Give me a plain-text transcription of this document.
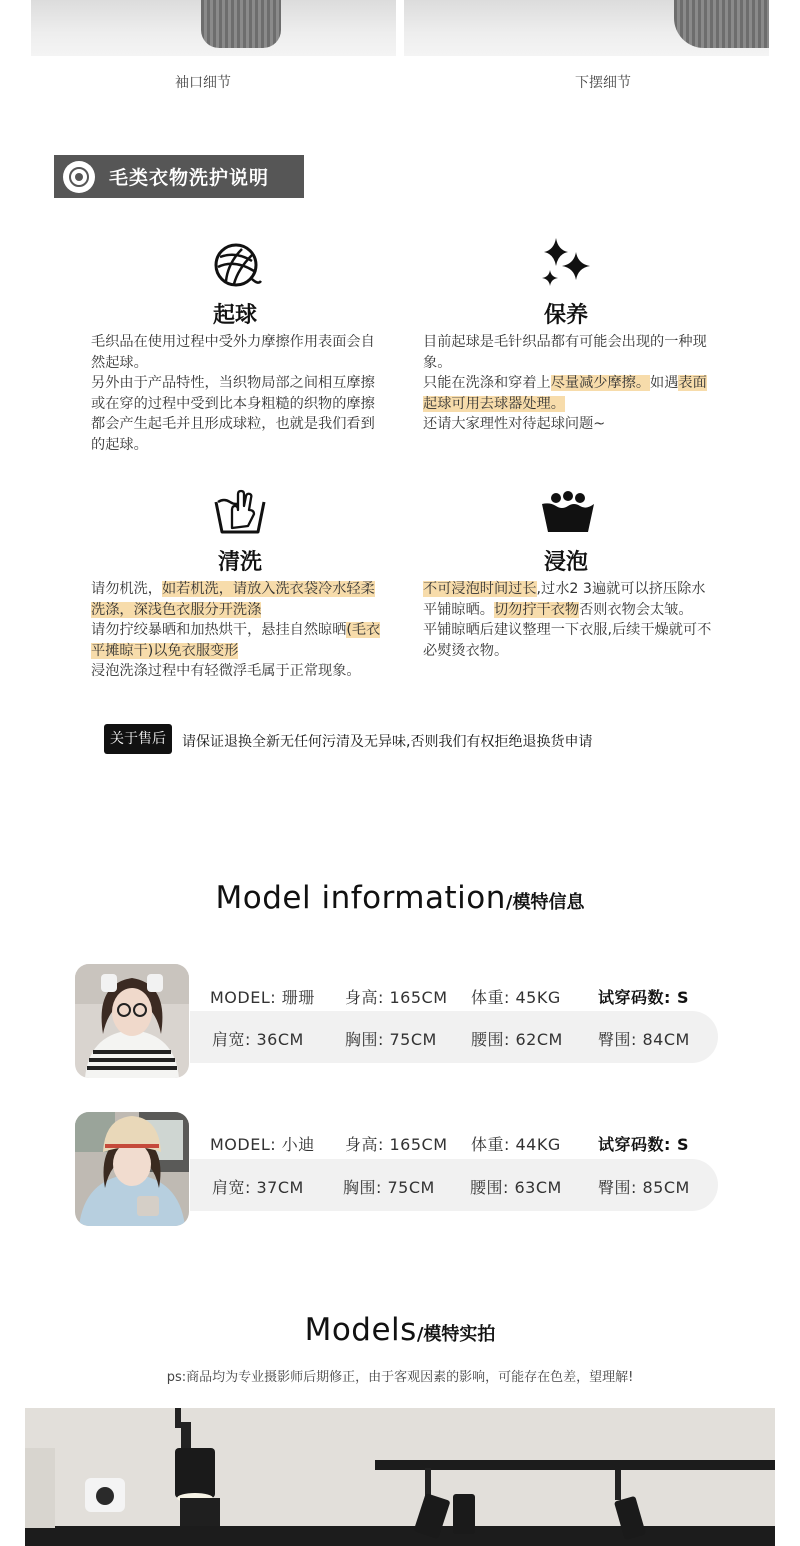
袖口细节	下摆细节
毛类衣物洗护说明
起球	保养
清洗	浸泡

毛织品在使用过程中受外力摩擦作用表面会自然起球。

另外由于产品特性，当织物局部之间相互摩擦或在穿的过程中受到比本身粗糙的织物的摩擦都会产生起毛并且形成球粒，也就是我们看到的起球。

目前起球是毛针织品都有可能会出现的一种现象。

只能在洗涤和穿着上尽量减少摩擦。如遇表面起球可用去球器处理。

还请大家理性对待起球问题~

请勿机洗，如若机洗，请放入洗衣袋冷水轻柔洗涤，深浅色衣服分开洗涤

请勿拧绞暴晒和加热烘干，悬挂自然晾晒(毛衣平摊晾干)以免衣服变形

浸泡洗涤过程中有轻微浮毛属于正常现象。

不可浸泡时间过长,过水2 3遍就可以挤压除水平铺晾晒。切勿拧干衣物否则衣物会太皱。

平铺晾晒后建议整理一下衣服,后续干燥就可不必熨烫衣物。

关于售后	请保证退换全新无任何污清及无异味,否则我们有权拒绝退换货申请
Model information/模特信息
MODEL: 珊珊 身高: 165CM 体重: 45KG 试穿码数: S
肩宽: 36CM	胸围: 75CM 腰围: 62CM 臀围: 84CM
MODEL: 小迪 身高: 165CM 体重: 44KG 试穿码数: S
肩宽: 37CM 胸围: 75CM 腰围: 63CM 臀围: 85CM
Models/模特实拍
ps:商品均为专业摄影师后期修正，由于客观因素的影响，可能存在色差，望理解!
